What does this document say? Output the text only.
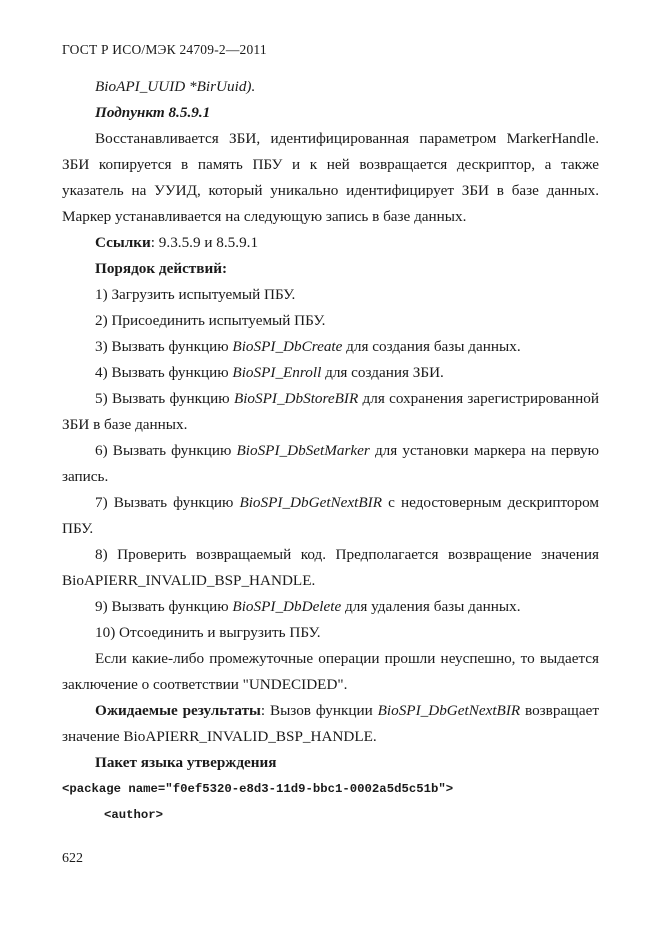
ГОСТ Р ИСО/МЭК 24709-2—2011

BioAPI_UUID *BirUuid).

Подпункт 8.5.9.1

Восстанавливается ЗБИ, идентифицированная параметром MarkerHandle. ЗБИ копируется в память ПБУ и к ней возвращается дескриптор, а также указатель на УУИД, который уникально идентифицирует ЗБИ в базе данных. Маркер устанавливается на следующую запись в базе данных.

Ссылки: 9.3.5.9 и 8.5.9.1

Порядок действий:

1) Загрузить испытуемый ПБУ.

2) Присоединить испытуемый ПБУ.

3) Вызвать функцию BioSPI_DbCreate для создания базы данных.

4) Вызвать функцию BioSPI_Enroll для создания ЗБИ.

5) Вызвать функцию BioSPI_DbStoreBIR для сохранения зарегистрированной ЗБИ в базе данных.

6) Вызвать функцию BioSPI_DbSetMarker для установки маркера на первую запись.

7) Вызвать функцию BioSPI_DbGetNextBIR с недостоверным дескриптором ПБУ.

8) Проверить возвращаемый код. Предполагается возвращение значения BioAPIERR_INVALID_BSP_HANDLE.

9) Вызвать функцию BioSPI_DbDelete для удаления базы данных.

10) Отсоединить и выгрузить ПБУ.

Если какие-либо промежуточные операции прошли неуспешно, то выдается заключение о соответствии "UNDECIDED".

Ожидаемые результаты: Вызов функции BioSPI_DbGetNextBIR возвращает значение BioAPIERR_INVALID_BSP_HANDLE.

Пакет языка утверждения

<package name="f0ef5320-e8d3-11d9-bbc1-0002a5d5c51b">

<author>

622
